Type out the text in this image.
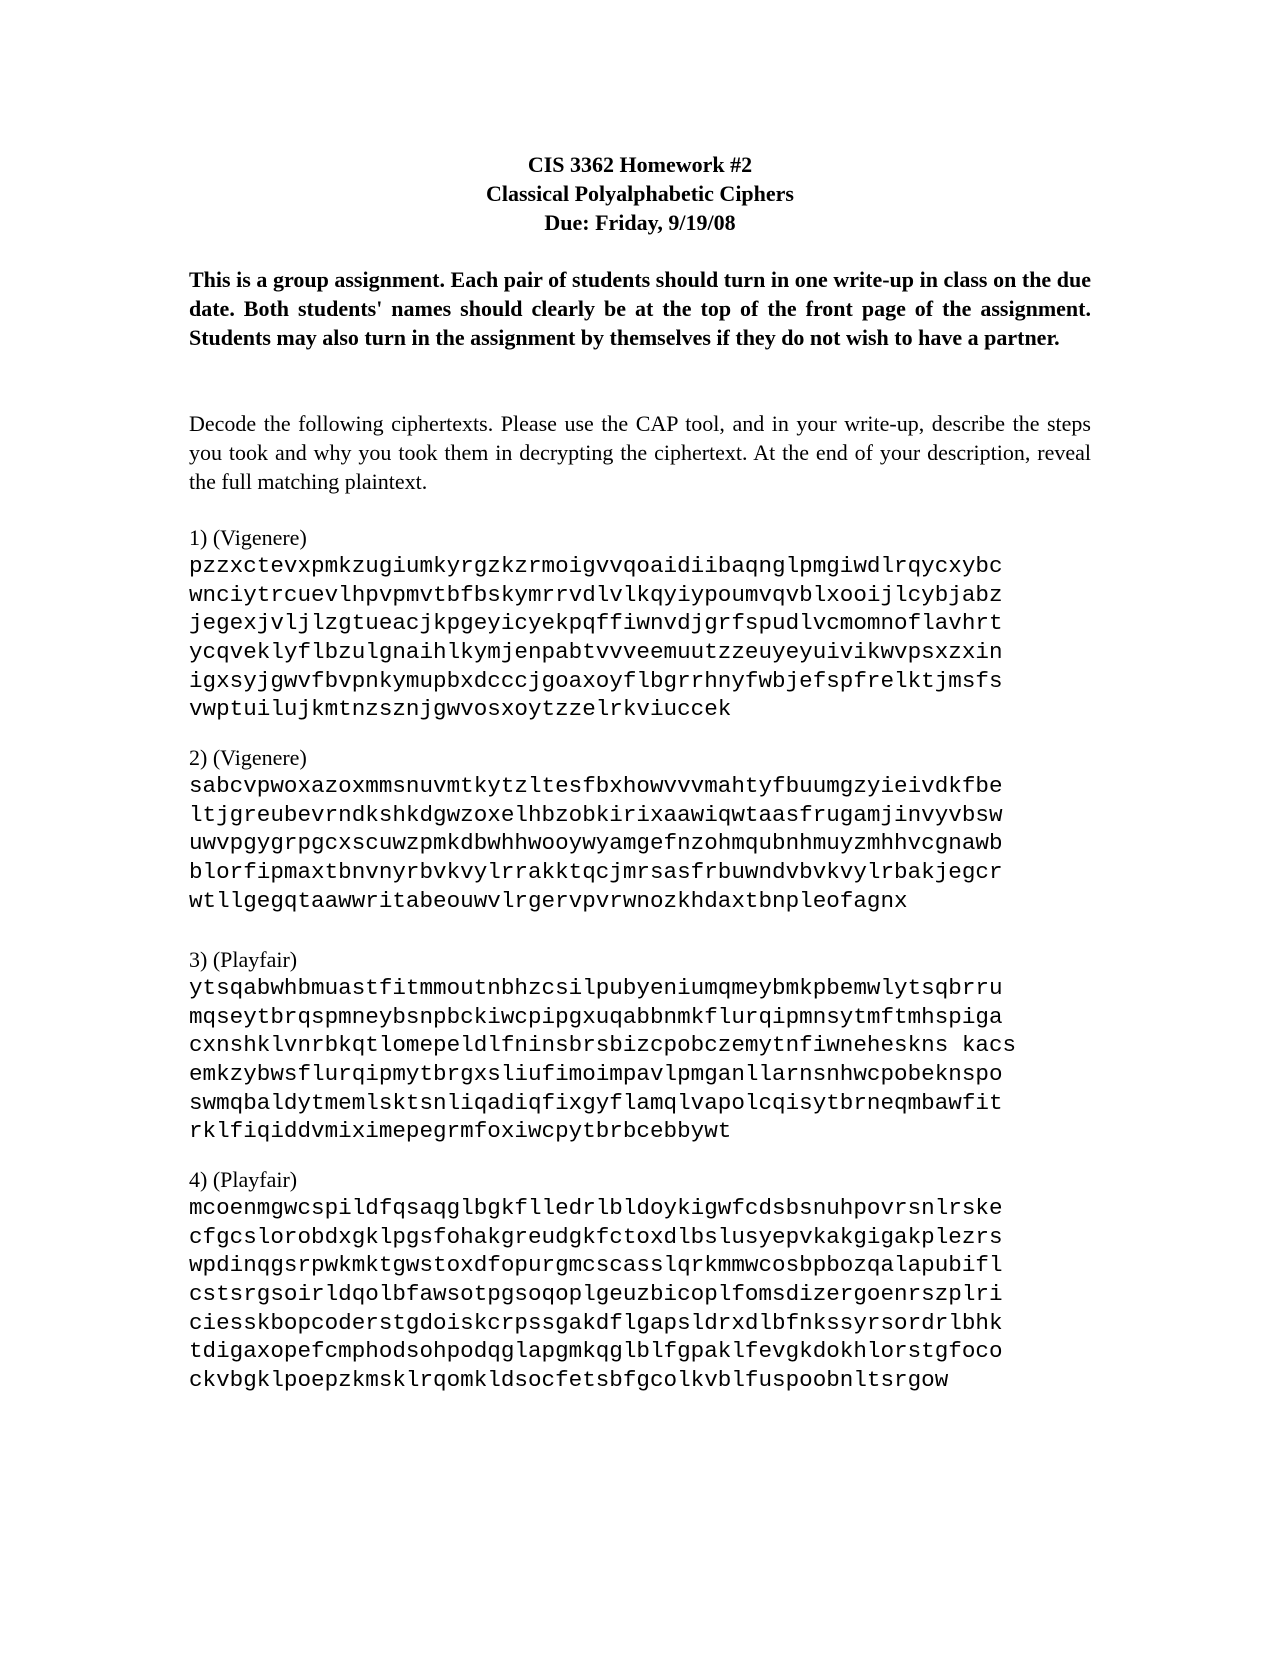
CIS 3362 Homework #2
Classical Polyalphabetic Ciphers
Due: Friday, 9/19/08
This is a group assignment. Each pair of students should turn in one write-up in class on the due date. Both students' names should clearly be at the top of the front page of the assignment. Students may also turn in the assignment by themselves if they do not wish to have a partner.
Decode the following ciphertexts. Please use the CAP tool, and in your write-up, describe the steps you took and why you took them in decrypting the ciphertext. At the end of your description, reveal the full matching plaintext.
1) (Vigenere)
pzzxctevxpmkzugiumkyrgzkzrmoigvvqoaidiibaqnglpmgiwdlrqycxybc
wnciytrcuevlhpvpmvtbfbskymrrvdlvlkqyiypoumvqvblxooijlcybjabz
jegexjvljlzgtueacjkpgeyicyekpqffiwnvdjgrfspudlvcmomnoflavhrt
ycqveklyflbzulgnaihlkymjenpabtvvveemuutzzeuyeyuivikwvpsxzxin
igxsyjgwvfbvpnkymupbxdcccjgoaxoyflbgrrhnyfwbjefspfrelktjmsfs
vwptuilujkmtnzsznjgwvosxoytzzelrkviuccek
2) (Vigenere)
sabcvpwoxazoxmmsnuvmtkytzltesfbxhowvvvmahtyfbuumgzyieivdkfbe
ltjgreubevrndkshkdgwzoxelhbzobkirixaawiqwtaasfrugamjinvyvbsw
uwvpgygrpgcxscuwzpmkdbwhhwooywyamgefnzohmqubnhmuyzmhhvcgnawb
blorfipmaxtbnvnyrbvkvylrrakktqcjmrsasfrbuwndvbvkvylrbakjegcr
wtllgegqtaawwritabeouwvlrgervpvrwnozkhdaxtbnpleofagnx
3) (Playfair)
ytsqabwhbmuastfitmmoutnbhzcsilpubyeniumqmeybmkpbemwlytsqbrru
mqseytbrqspmneybsnpbckiwcpipgxuqabbnmkflurqipmnsytmftmhspiga
cxnshklvnrbkqtlomepeldlfninsbrsbizcpobczemytnfiwneheskns kacs
emkzybwsflurqipmytbrgxsliufimoimpavlpmganllarnsnhwcpobeknspo
swmqbaldytmemlsktsnliqadiqfixgyflamqlvapolcqisytbrneqmbawfit
rklfiqiddvmiximepegrmfoxiwcpytbrbcebbywt
4) (Playfair)
mcoenmgwcspildfqsaqglbgkflledrlbldoykigwfcdsbsnuhpovrsnlrske
cfgcslorobdxgklpgsfohakgreudgkfctoxdlbslusyepvkakgigakplezrs
wpdinqgsrpwkmktgwstoxdfopurgmcscasslqrkmmwcosbpbozqalapubifl
cstsrgsoirldqolbfawsotpgsoqoplgeuzbicoplfomsdizergoenrszplri
ciesskbopcoderstgdoiskcrpssgakdflgapsldrxdlbfnkssyrsordrlbhk
tdigaxopefcmphodsohpodqglapgmkqglblfgpaklfevgkdokhlorstgfoco
ckvbgklpoepzkmsklrqomkldsocfetsbfgcolkvblfuspoobnltsrgow
